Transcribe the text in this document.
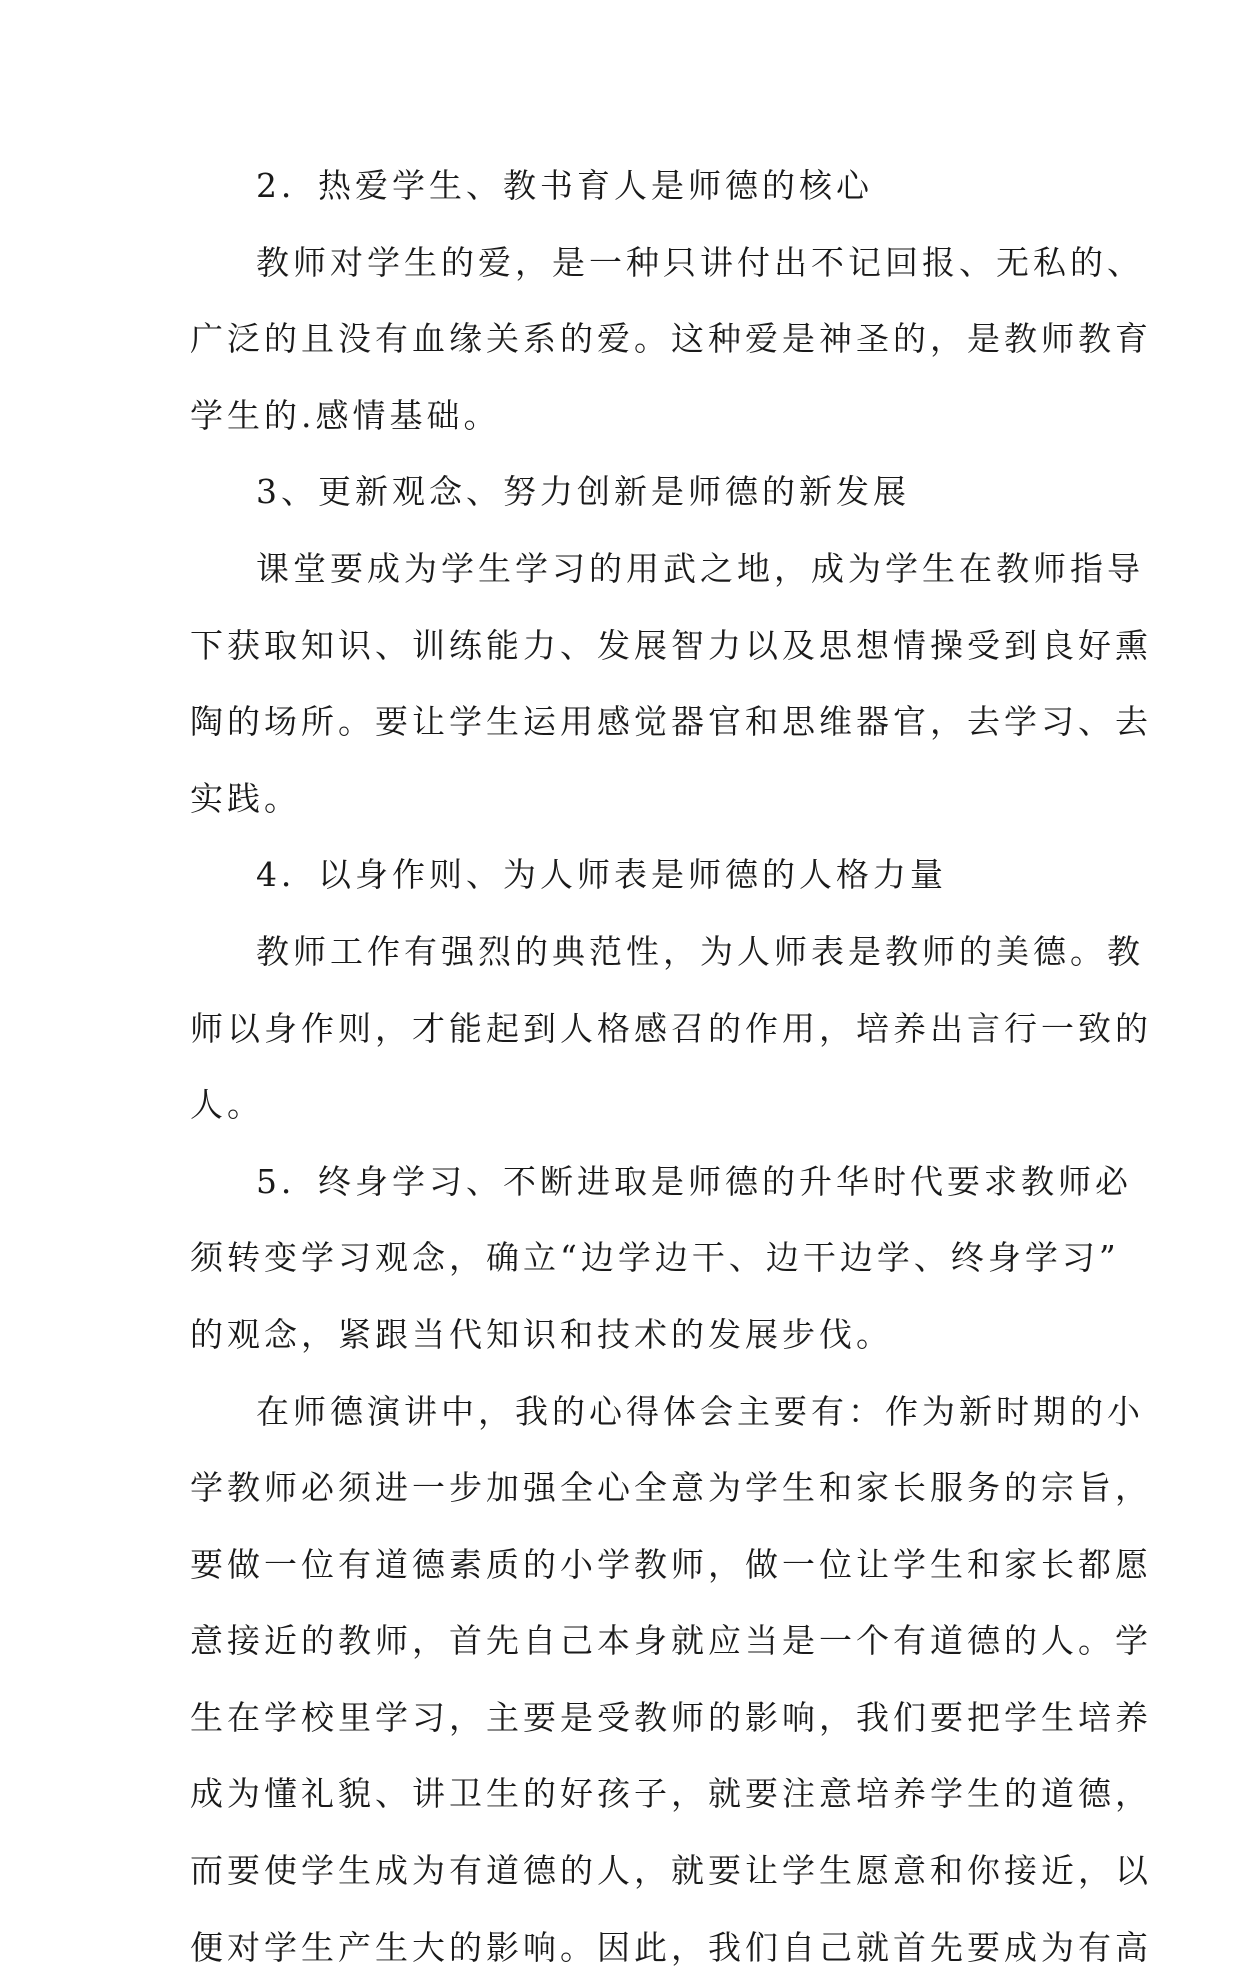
2．热爱学生、教书育人是师德的核心
教师对学生的爱，是一种只讲付出不记回报、无私的、
广泛的且没有血缘关系的爱。这种爱是神圣的，是教师教育
学生的.感情基础。
3、更新观念、努力创新是师德的新发展
课堂要成为学生学习的用武之地，成为学生在教师指导
下获取知识、训练能力、发展智力以及思想情操受到良好熏
陶的场所。要让学生运用感觉器官和思维器官，去学习、去
实践。
4．以身作则、为人师表是师德的人格力量
教师工作有强烈的典范性，为人师表是教师的美德。教
师以身作则，才能起到人格感召的作用，培养出言行一致的
人。
5．终身学习、不断进取是师德的升华时代要求教师必
须转变学习观念，确立“边学边干、边干边学、终身学习”
的观念，紧跟当代知识和技术的发展步伐。
在师德演讲中，我的心得体会主要有：作为新时期的小
学教师必须进一步加强全心全意为学生和家长服务的宗旨，
要做一位有道德素质的小学教师，做一位让学生和家长都愿
意接近的教师，首先自己本身就应当是一个有道德的人。学
生在学校里学习，主要是受教师的影响，我们要把学生培养
成为懂礼貌、讲卫生的好孩子，就要注意培养学生的道德，
而要使学生成为有道德的人，就要让学生愿意和你接近，以
便对学生产生大的影响。因此，我们自己就首先要成为有高
